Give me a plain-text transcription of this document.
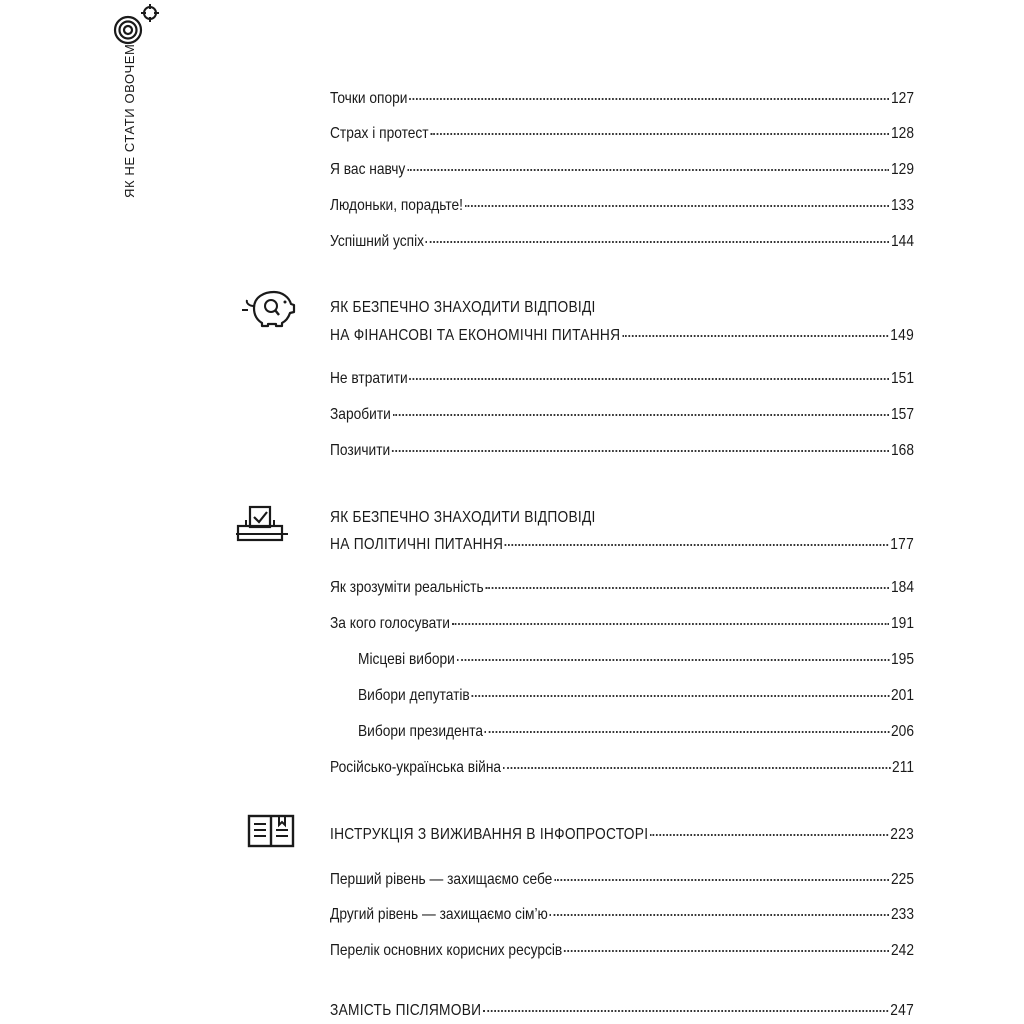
ЯК НЕ СТАТИ ОВОЧЕМ	Точки опори	127
Страх і протест	128
Я вас навчу	129
Людоньки, порадьте!	133
Успішний успіх	144
ЯК БЕЗПЕЧНО ЗНАХОДИТИ ВІДПОВІДІ
НА ФІНАНСОВІ ТА ЕКОНОМІЧНІ ПИТАННЯ	149
Не втратити	151
Заробити	157
Позичити	168
ЯК БЕЗПЕЧНО ЗНАХОДИТИ ВІДПОВІДІ
НА ПОЛІТИЧНІ ПИТАННЯ	177
Як зрозуміти реальність	184
За кого голосувати	191
Місцеві вибори	195
Вибори депутатів	201
Вибори президента	206
Російсько-українська війна	211
ІНСТРУКЦІЯ З ВИЖИВАННЯ В ІНФОПРОСТОРІ	223
Перший рівень — захищаємо себе	225
Другий рівень — захищаємо сім’ю	233
Перелік основних корисних ресурсів	242
ЗАМІСТЬ ПІСЛЯМОВИ	247
